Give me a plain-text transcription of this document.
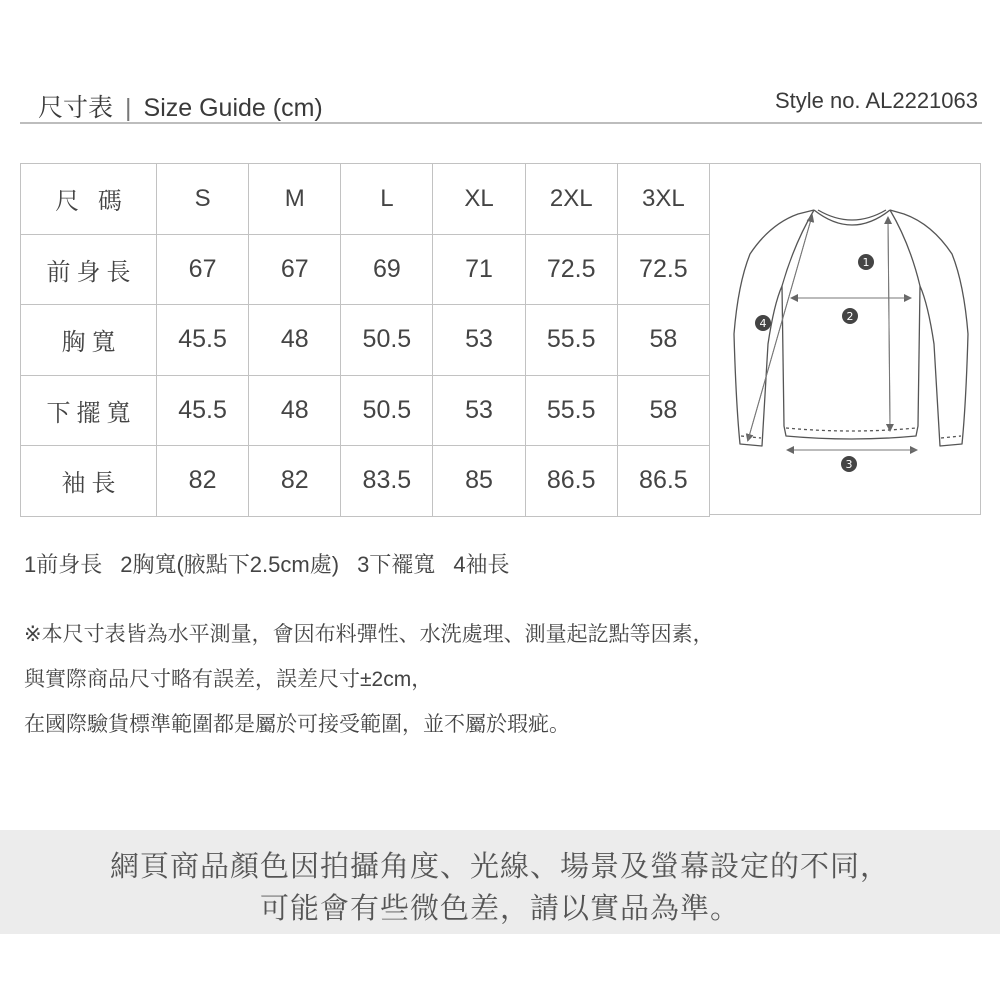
尺寸表 | Size Guide (cm)	Style no. AL2221063
尺 碼	S	M	L	XL	2XL	3XL
前身長	67	67	69	71	72.5	72.5
胸寬	45.5	48	50.5	53	55.5	58
下擺寬	45.5	48	50.5	53	55.5	58
袖長	82	82	83.5	85	86.5	86.5
1
2
3
4
1前身長 2胸寬(腋點下2.5cm處) 3下襬寬 4袖長
※本尺寸表皆為水平測量，會因布料彈性、水洗處理、測量起訖點等因素，
與實際商品尺寸略有誤差，誤差尺寸±2cm，
在國際驗貨標準範圍都是屬於可接受範圍，並不屬於瑕疵。
網頁商品顏色因拍攝角度、光線、場景及螢幕設定的不同，
可能會有些微色差，請以實品為準。
